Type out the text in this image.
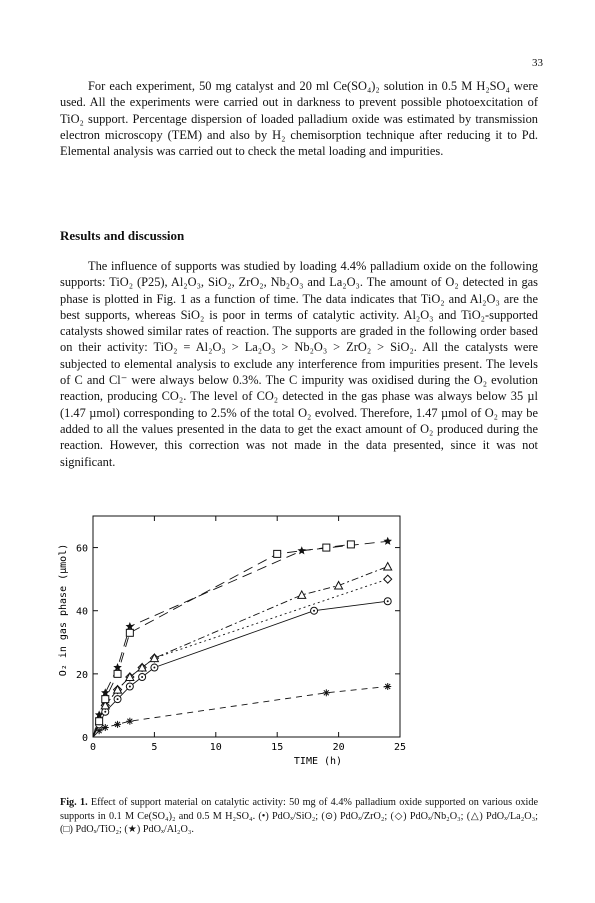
33

For each experiment, 50 mg catalyst and 20 ml Ce(SO₄)₂ solution in 0.5 M H₂SO₄ were used. All the experiments were carried out in darkness to prevent possible photoexcitation of TiO₂ support. Percentage dispersion of loaded palladium oxide was estimated by transmission electron microscopy (TEM) and also by H₂ chemisorption technique after reducing it to Pd. Elemental analysis was carried out to check the metal loading and impurities.

Results and discussion

The influence of supports was studied by loading 4.4% palladium oxide on the following supports: TiO₂ (P25), Al₂O₃, SiO₂, ZrO₂, Nb₂O₃ and La₂O₃. The amount of O₂ detected in gas phase is plotted in Fig. 1 as a function of time. The data indicates that TiO₂ and Al₂O₃ are the best supports, whereas SiO₂ is poor in terms of catalytic activity. Al₂O₃ and TiO₂-supported catalysts showed similar rates of reaction. The supports are graded in the following order based on their activity: TiO₂ = Al₂O₃ > La₂O₃ > Nb₂O₃ > ZrO₂ > SiO₂. All the catalysts were subjected to elemental analysis to exclude any interference from impurities present. The levels of C and Cl⁻ were always below 0.3%. The C impurity was oxidised during the O₂ evolution reaction, producing CO₂. The level of CO₂ detected in the gas phase was always below 35 µl (1.47 µmol) corresponding to 2.5% of the total O₂ evolved. Therefore, 1.47 µmol of O₂ may be added to all the values presented in the data to get the exact amount of O₂ produced during the reaction. However, this correction was not made in the data presented, since it was not significant.

0	5	10	15	20	25
0
20
40
60
TIME (h)
O₂ in gas phase (µmol)
Fig. 1. Effect of support material on catalytic activity: 50 mg of 4.4% palladium oxide supported on various oxide supports in 0.1 M Ce(SO₄)₂ and 0.5 M H₂SO₄. (•) PdOₓ/SiO₂; (⊙) PdOₓ/ZrO₂; (◇) PdOₓ/Nb₂O₃; (△) PdOₓ/La₂O₃; (□) PdOₓ/TiO₂; (★) PdOₓ/Al₂O₃.
